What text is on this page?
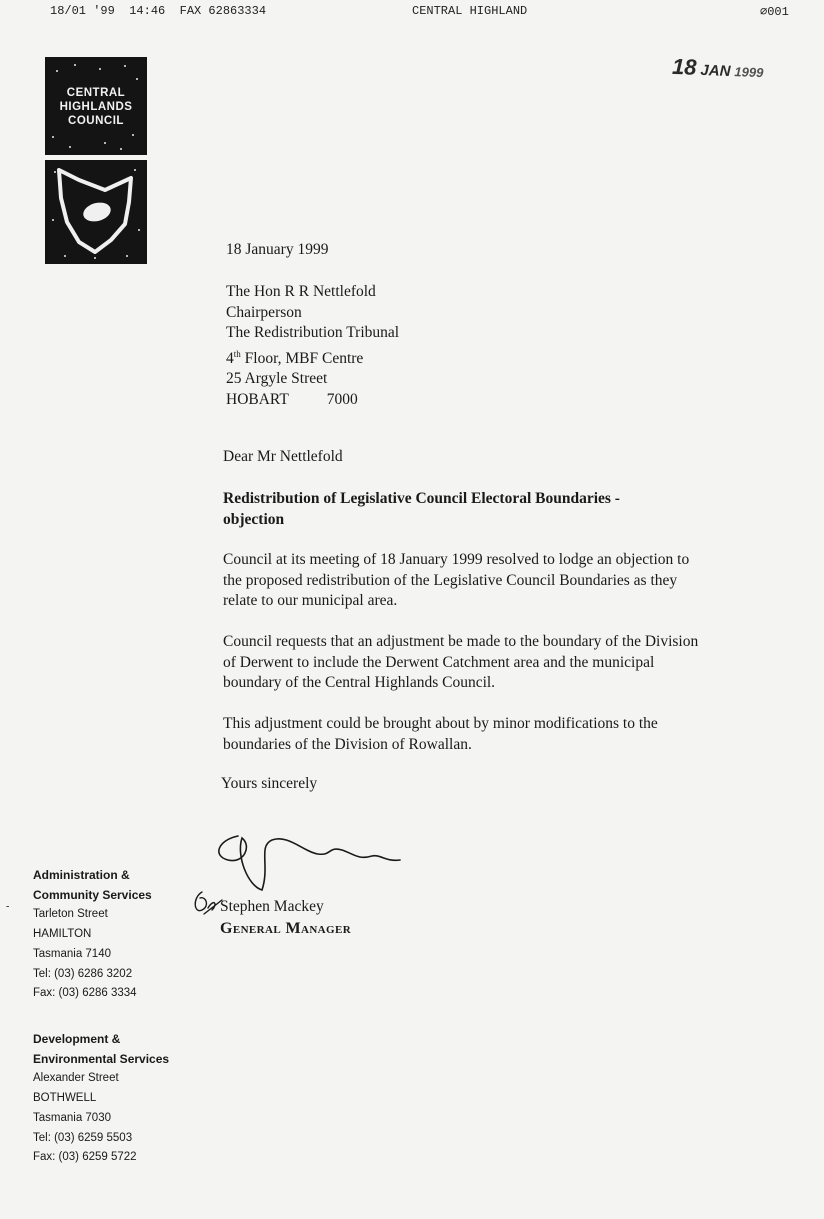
18/01 '99  14:46  FAX 62863334	CENTRAL HIGHLAND	∅001
18 JAN 1999
CENTRAL
HIGHLANDS
COUNCIL
18 January 1999
The Hon R R Nettlefold
Chairperson
The Redistribution Tribunal
4th Floor, MBF Centre
25 Argyle Street
HOBART 7000
Dear Mr Nettlefold
Redistribution of Legislative Council Electoral Boundaries -
objection
Council at its meeting of 18 January 1999 resolved to lodge an objection to the proposed redistribution of the Legislative Council Boundaries as they relate to our municipal area.
Council requests that an adjustment be made to the boundary of the Division of Derwent to include the Derwent Catchment area and the municipal boundary of the Central Highlands Council.
This adjustment could be brought about by minor modifications to the boundaries of the Division of Rowallan.
Yours sincerely
Stephen Mackey
General Manager
-
Administration &
Community Services
Tarleton Street
HAMILTON
Tasmania 7140
Tel: (03) 6286 3202
Fax: (03) 6286 3334
Development &
Environmental Services
Alexander Street
BOTHWELL
Tasmania 7030
Tel: (03) 6259 5503
Fax: (03) 6259 5722
